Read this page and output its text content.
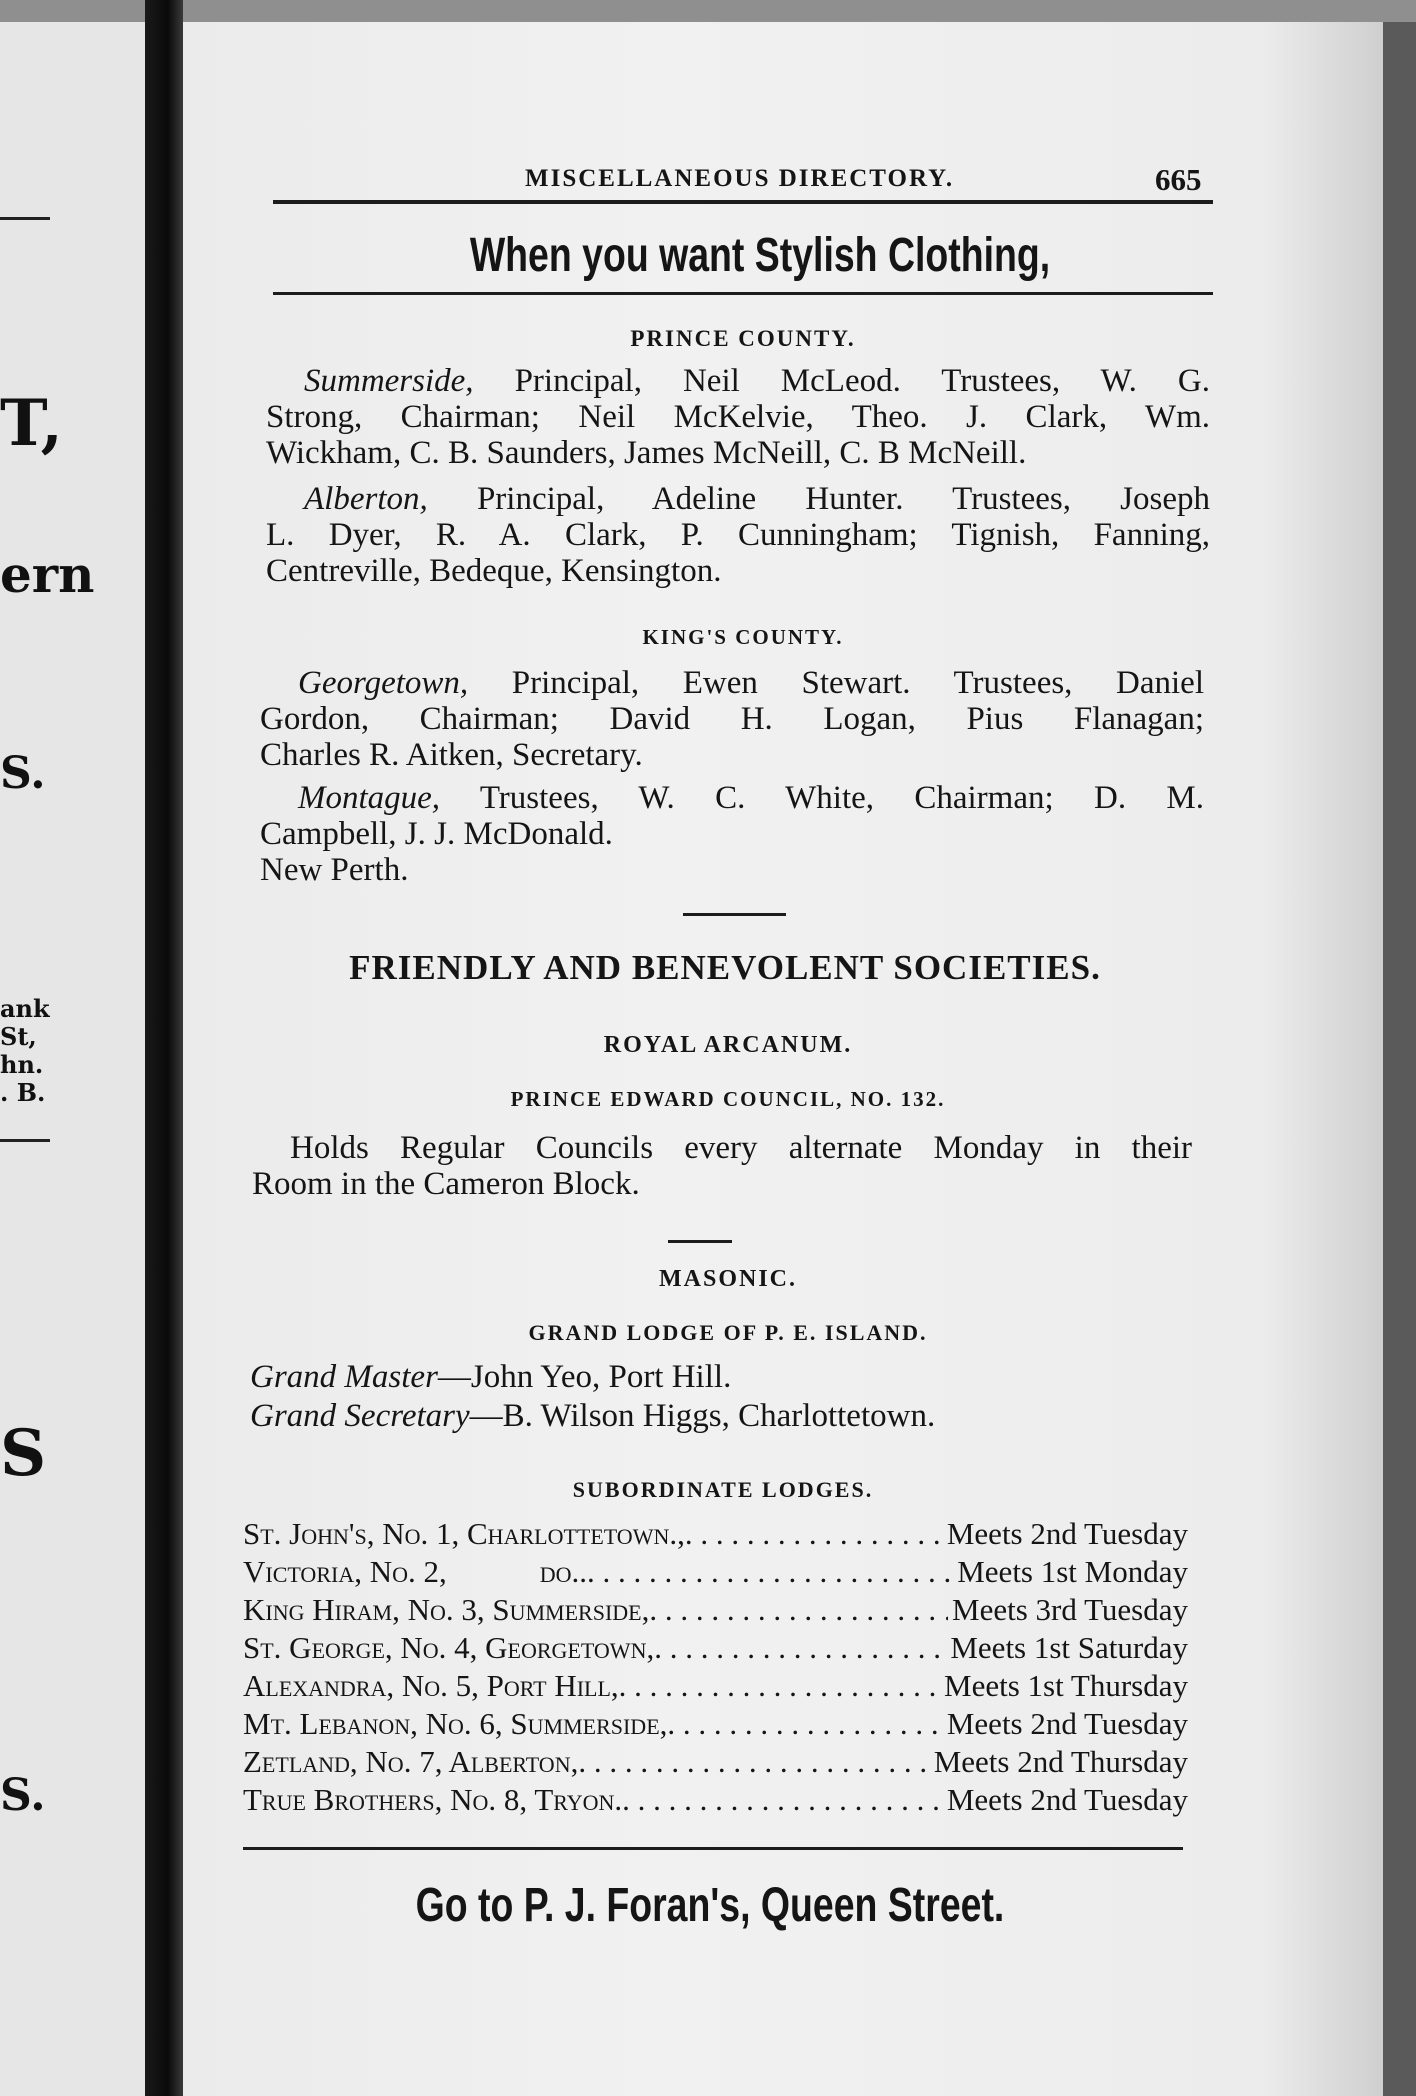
T,
ern
S.
ank
St,
hn.
. B.
S
S.
MISCELLANEOUS DIRECTORY.	665
When you want Stylish Clothing,
PRINCE COUNTY.
Summerside, Principal, Neil McLeod. Trustees, W. G.
Strong, Chairman; Neil McKelvie, Theo. J. Clark, Wm.
Wickham, C. B. Saunders, James McNeill, C. B McNeill.
Alberton, Principal, Adeline Hunter. Trustees, Joseph
L. Dyer, R. A. Clark, P. Cunningham; Tignish, Fanning,
Centreville, Bedeque, Kensington.
KING'S COUNTY.
Georgetown, Principal, Ewen Stewart. Trustees, Daniel
Gordon, Chairman; David H. Logan, Pius Flanagan;
Charles R. Aitken, Secretary.
Montague, Trustees, W. C. White, Chairman; D. M.
Campbell, J. J. McDonald.
New Perth.
FRIENDLY AND BENEVOLENT SOCIETIES.
ROYAL ARCANUM.
PRINCE EDWARD COUNCIL, NO. 132.
Holds Regular Councils every alternate Monday in their
Room in the Cameron Block.
MASONIC.
GRAND LODGE OF P. E. ISLAND.
Grand Master—John Yeo, Port Hill.
Grand Secretary—B. Wilson Higgs, Charlottetown.
SUBORDINATE LODGES.
St. John's, No. 1, Charlottetown., . . .	Meets 2nd Tuesday
Victoria, No. 2,            do.. . . .	Meets 1st Monday
King Hiram, No. 3, Summerside, . . .	Meets 3rd Tuesday
St. George, No. 4, Georgetown, . . .	Meets 1st Saturday
Alexandra, No. 5, Port Hill, . . .	Meets 1st Thursday
Mt. Lebanon, No. 6, Summerside, . . .	Meets 2nd Tuesday
Zetland, No. 7, Alberton, . . .	Meets 2nd Thursday
True Brothers, No. 8, Tryon. . . .	Meets 2nd Tuesday
Go to P. J. Foran's, Queen Street.
